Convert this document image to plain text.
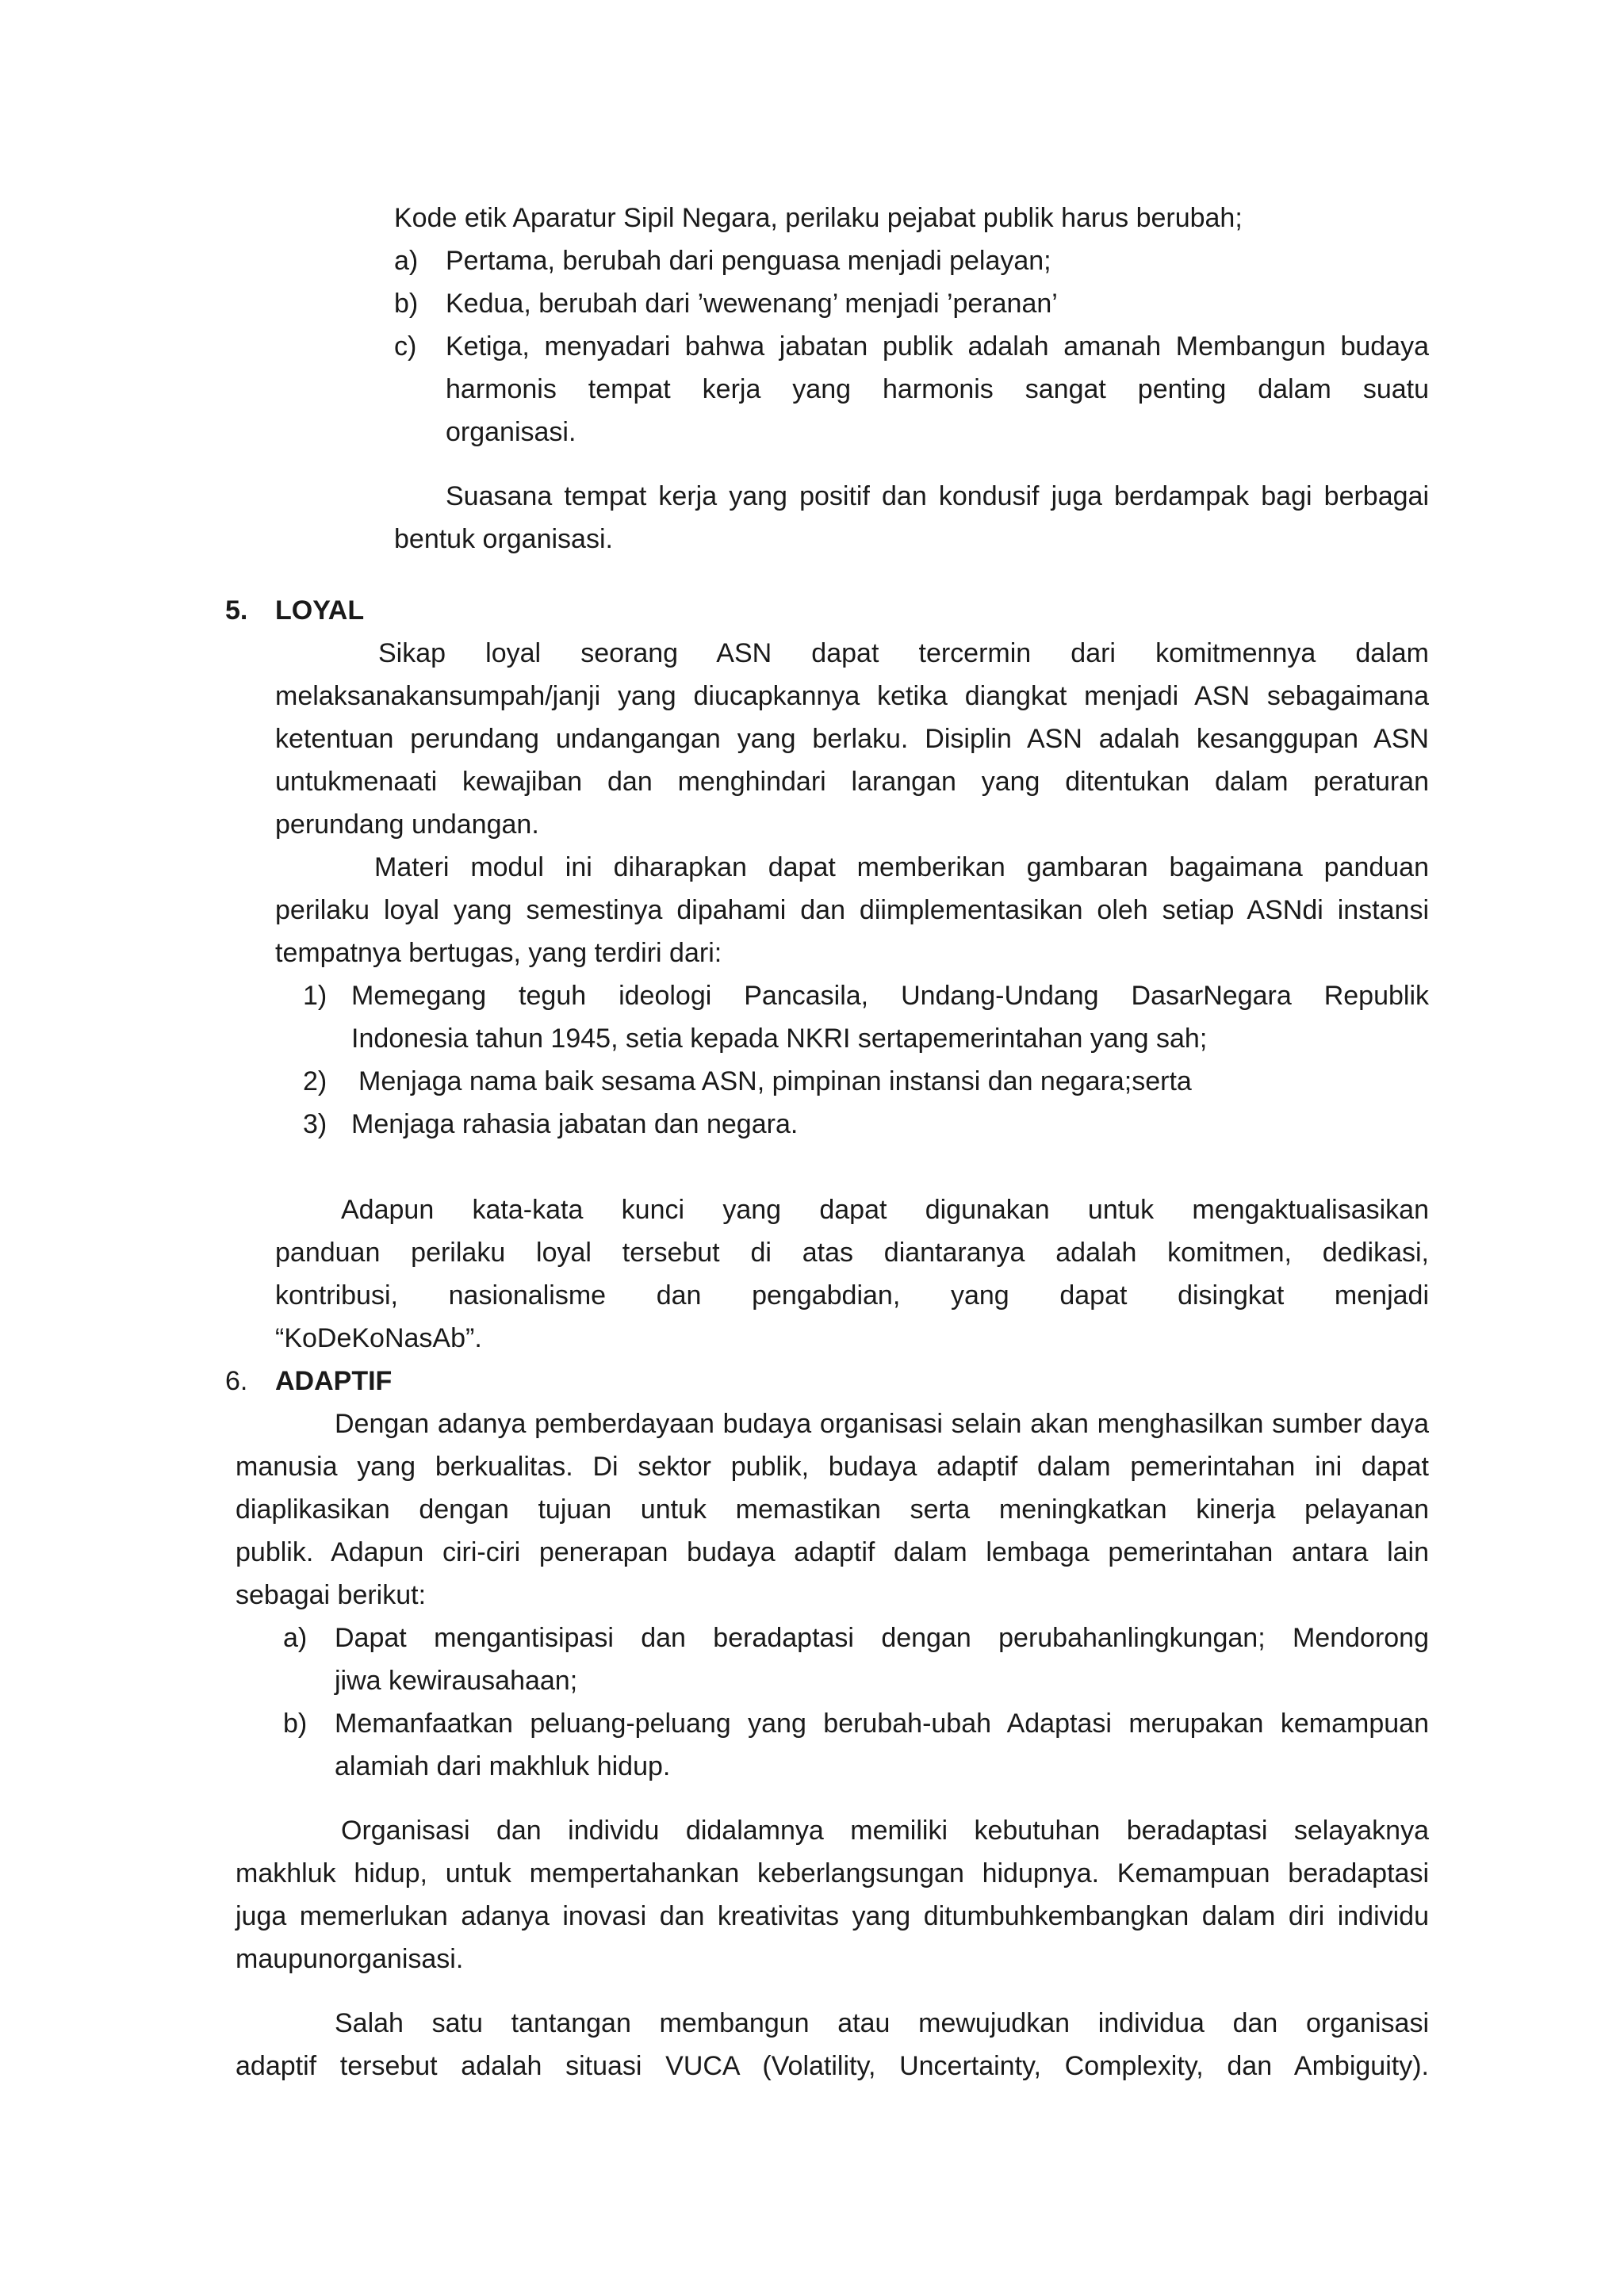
Kode etik Aparatur Sipil Negara, perilaku pejabat publik harus berubah;
a) Pertama, berubah dari penguasa menjadi pelayan;
b) Kedua, berubah dari ’wewenang’ menjadi ’peranan’
c) Ketiga, menyadari bahwa jabatan publik adalah amanah Membangun budaya
harmonis tempat kerja yang harmonis sangat penting dalam suatu
organisasi.
Suasana tempat kerja yang positif dan kondusif juga berdampak bagi berbagai
bentuk organisasi.
5. LOYAL
Sikap loyal seorang ASN dapat tercermin dari komitmennya dalam
melaksanakansumpah/janji yang diucapkannya ketika diangkat menjadi ASN sebagaimana
ketentuan perundang undangangan yang berlaku. Disiplin ASN adalah kesanggupan ASN
untukmenaati kewajiban dan menghindari larangan yang ditentukan dalam peraturan
perundang undangan.
Materi modul ini diharapkan dapat memberikan gambaran bagaimana panduan
perilaku loyal yang semestinya dipahami dan diimplementasikan oleh setiap ASNdi instansi
tempatnya bertugas, yang terdiri dari:
1) Memegang teguh ideologi Pancasila, Undang-Undang DasarNegara Republik
Indonesia tahun 1945, setia kepada NKRI sertapemerintahan yang sah;
2) Menjaga nama baik sesama ASN, pimpinan instansi dan negara;serta
3) Menjaga rahasia jabatan dan negara.
Adapun kata-kata kunci yang dapat digunakan untuk mengaktualisasikan
panduan perilaku loyal tersebut di atas diantaranya adalah komitmen, dedikasi,
kontribusi, nasionalisme dan pengabdian, yang dapat disingkat menjadi
“KoDeKoNasAb”.
6. ADAPTIF
Dengan adanya pemberdayaan budaya organisasi selain akan menghasilkan sumber daya
manusia yang berkualitas. Di sektor publik, budaya adaptif dalam pemerintahan ini dapat
diaplikasikan dengan tujuan untuk memastikan serta meningkatkan kinerja pelayanan
publik. Adapun ciri-ciri penerapan budaya adaptif dalam lembaga pemerintahan antara lain
sebagai berikut:
a) Dapat mengantisipasi dan beradaptasi dengan perubahanlingkungan; Mendorong
jiwa kewirausahaan;
b) Memanfaatkan peluang-peluang yang berubah-ubah Adaptasi merupakan kemampuan
alamiah dari makhluk hidup.
Organisasi dan individu didalamnya memiliki kebutuhan beradaptasi selayaknya
makhluk hidup, untuk mempertahankan keberlangsungan hidupnya. Kemampuan beradaptasi
juga memerlukan adanya inovasi dan kreativitas yang ditumbuhkembangkan dalam diri individu
maupunorganisasi.
Salah satu tantangan membangun atau mewujudkan individua dan organisasi
adaptif tersebut adalah situasi VUCA (Volatility, Uncertainty, Complexity, dan Ambiguity).
